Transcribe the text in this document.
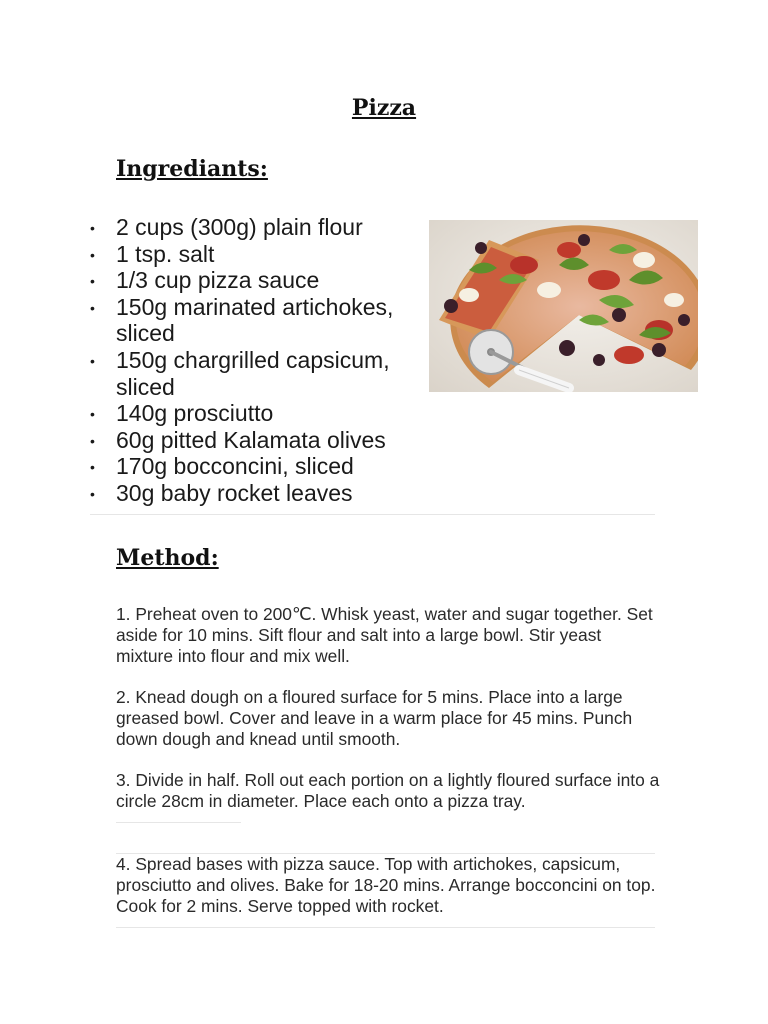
Pizza
Ingrediants:
• 2 cups (300g) plain flour
• 1 tsp. salt
• 1/3 cup pizza sauce
• 150g marinated artichokes, sliced
• 150g chargrilled capsicum, sliced
• 140g prosciutto
• 60g pitted Kalamata olives
• 170g bocconcini, sliced
• 30g baby rocket leaves
Method:

1. Preheat oven to 200℃. Whisk yeast, water and sugar together. Set aside for 10 mins. Sift flour and salt into a large bowl. Stir yeast mixture into flour and mix well.

2. Knead dough on a floured surface for 5 mins. Place into a large greased bowl. Cover and leave in a warm place for 45 mins. Punch down dough and knead until smooth.

3. Divide in half. Roll out each portion on a lightly floured surface into a circle 28cm in diameter. Place each onto a pizza tray.

4. Spread bases with pizza sauce. Top with artichokes, capsicum, prosciutto and olives. Bake for 18-20 mins. Arrange bocconcini on top. Cook for 2 mins. Serve topped with rocket.
